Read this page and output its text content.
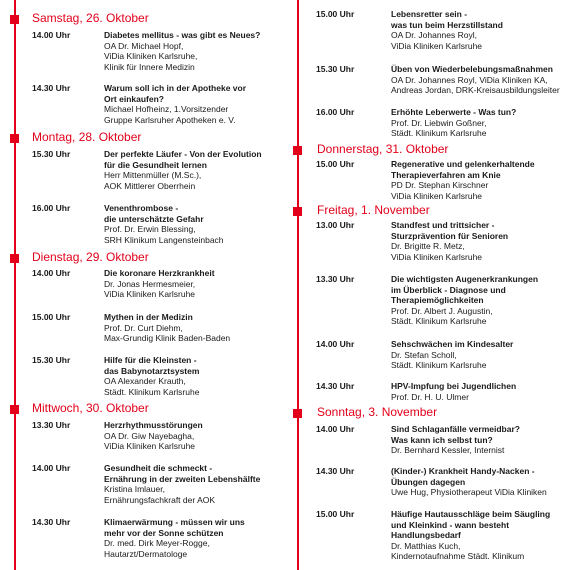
Samstag, 26. Oktober
14.00 Uhr	Diabetes mellitus - was gibt es Neues?
OA Dr. Michael Hopf,
ViDia Kliniken Karlsruhe,
Klinik für Innere Medizin
14.30 Uhr	Warum soll ich in der Apotheke vor
Ort einkaufen?
Michael Hofheinz, 1.Vorsitzender
Gruppe Karlsruher Apotheken e. V.
Montag, 28. Oktober
15.30 Uhr	Der perfekte Läufer - Von der Evolution
für die Gesundheit lernen
Herr Mittenmüller (M.Sc.),
AOK Mittlerer Oberrhein
16.00 Uhr	Venenthrombose -
die unterschätzte Gefahr
Prof. Dr. Erwin Blessing,
SRH Klinikum Langensteinbach
Dienstag, 29. Oktober
14.00 Uhr	Die koronare Herzkrankheit
Dr. Jonas Hermesmeier,
ViDia Kliniken Karlsruhe
15.00 Uhr	Mythen in der Medizin
Prof. Dr. Curt Diehm,
Max-Grundig Klinik Baden-Baden
15.30 Uhr	Hilfe für die Kleinsten -
das Babynotarztsystem
OA Alexander Krauth,
Städt. Klinikum Karlsruhe
Mittwoch, 30. Oktober
13.30 Uhr	Herzrhythmusstörungen
OA Dr. Giw Nayebagha,
ViDia Kliniken Karlsruhe
14.00 Uhr	Gesundheit die schmeckt -
Ernährung in der zweiten Lebenshälfte
Kristina Imlauer,
Ernährungsfachkraft der AOK
14.30 Uhr	Klimaerwärmung - müssen wir uns
mehr vor der Sonne schützen
Dr. med. Dirk Meyer-Rogge,
Hautarzt/Dermatologe
15.00 Uhr	Lebensretter sein -
was tun beim Herzstillstand
OA Dr. Johannes Royl,
ViDia Kliniken Karlsruhe
15.30 Uhr	Üben von Wiederbelebungsmaßnahmen
OA Dr. Johannes Royl, ViDia Kliniken KA,
Andreas Jordan, DRK-Kreisausbildungsleiter
16.00 Uhr	Erhöhte Leberwerte - Was tun?
Prof. Dr. Liebwin Goßner,
Städt. Klinikum Karlsruhe
Donnerstag, 31. Oktober
15.00 Uhr	Regenerative und gelenkerhaltende
Therapieverfahren am Knie
PD Dr. Stephan Kirschner
ViDia Kliniken Karlsruhe
Freitag, 1. November
13.00 Uhr	Standfest und trittsicher -
Sturzprävention für Senioren
Dr. Brigitte R. Metz,
ViDia Kliniken Karlsruhe
13.30 Uhr	Die wichtigsten Augenerkrankungen
im Überblick - Diagnose und
Therapiemöglichkeiten
Prof. Dr. Albert J. Augustin,
Städt. Klinikum Karlsruhe
14.00 Uhr	Sehschwächen im Kindesalter
Dr. Stefan Scholl,
Städt. Klinikum Karlsruhe
14.30 Uhr	HPV-Impfung bei Jugendlichen
Prof. Dr. H. U. Ulmer
Sonntag, 3. November
14.00 Uhr	Sind Schlaganfälle vermeidbar?
Was kann ich selbst tun?
Dr. Bernhard Kessler, Internist
14.30 Uhr	(Kinder-) Krankheit Handy-Nacken -
Übungen dagegen
Uwe Hug, Physiotherapeut ViDia Kliniken
15.00 Uhr	Häufige Hautausschläge beim Säugling
und Kleinkind - wann besteht
Handlungsbedarf
Dr. Matthias Kuch,
Kindernotaufnahme Städt. Klinikum
